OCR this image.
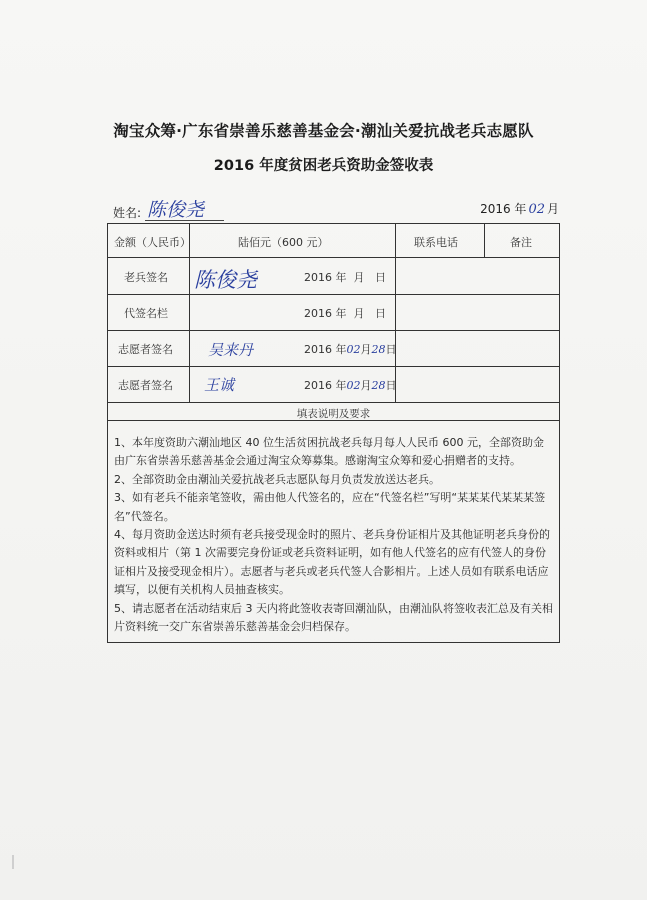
淘宝众筹·广东省崇善乐慈善基金会·潮汕关爱抗战老兵志愿队
2016 年度贫困老兵资助金签收表
姓名: 陈俊尧	2016 年 02 月
金额（人民币）	陆佰元（600 元）	联系电话	备注
老兵签名 陈俊尧	2016 年 月 日
代签名栏	2016 年 月 日
志愿者签名 吴来丹	2016 年02月28日
志愿者签名 王诚	2016 年02月28日
填表说明及要求

1、本年度资助六潮汕地区 40 位生活贫困抗战老兵每月每人人民币 600 元，全部资助金由广东省崇善乐慈善基金会通过淘宝众筹募集。感谢淘宝众筹和爱心捐赠者的支持。

2、全部资助金由潮汕关爱抗战老兵志愿队每月负责发放送达老兵。

3、如有老兵不能亲笔签收，需由他人代签名的，应在“代签名栏”写明“某某某代某某某签名”代签名。

4、每月资助金送达时须有老兵接受现金时的照片、老兵身份证相片及其他证明老兵身份的资料或相片（第 1 次需要完身份证或老兵资料证明，如有他人代签名的应有代签人的身份证相片及接受现金相片）。志愿者与老兵或老兵代签人合影相片。上述人员如有联系电话应填写，以便有关机构人员抽查核实。

5、请志愿者在活动结束后 3 天内将此签收表寄回潮汕队，由潮汕队将签收表汇总及有关相片资料统一交广东省崇善乐慈善基金会归档保存。
